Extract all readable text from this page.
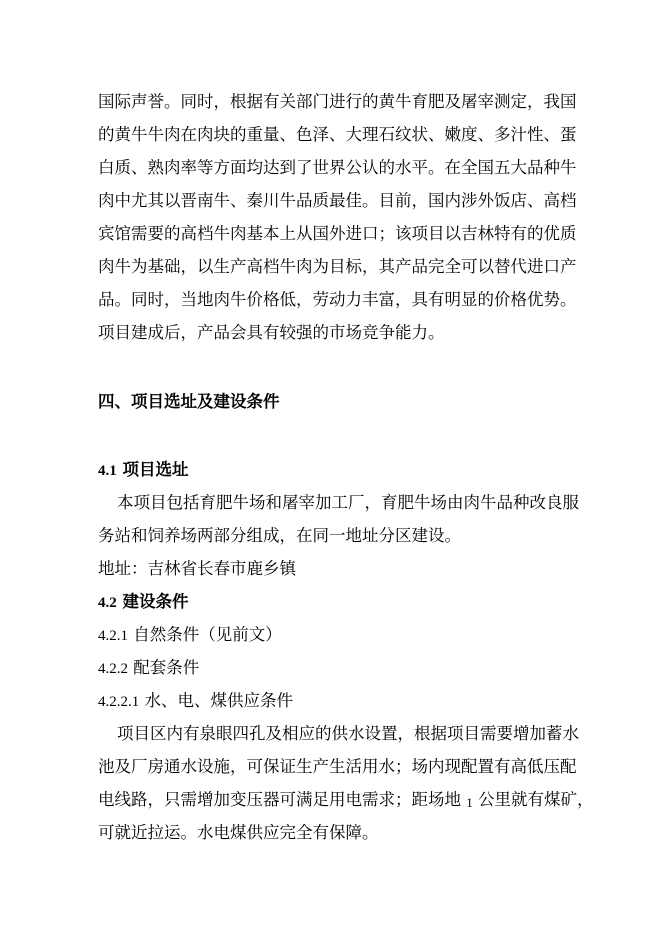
国际声誉。同时，根据有关部门进行的黄牛育肥及屠宰测定，我国
的黄牛牛肉在肉块的重量、色泽、大理石纹状、嫩度、多汁性、蛋
白质、熟肉率等方面均达到了世界公认的水平。在全国五大品种牛
肉中尤其以晋南牛、秦川牛品质最佳。目前，国内涉外饭店、高档
宾馆需要的高档牛肉基本上从国外进口；该项目以吉林特有的优质
肉牛为基础，以生产高档牛肉为目标，其产品完全可以替代进口产
品。同时，当地肉牛价格低，劳动力丰富，具有明显的价格优势。
项目建成后，产品会具有较强的市场竞争能力。
四、项目选址及建设条件
4.1 项目选址
本项目包括育肥牛场和屠宰加工厂，育肥牛场由肉牛品种改良服
务站和饲养场两部分组成，在同一地址分区建设。
地址：吉林省长春市鹿乡镇
4.2 建设条件
4.2.1 自然条件（见前文）
4.2.2 配套条件
4.2.2.1 水、电、煤供应条件
项目区内有泉眼四孔及相应的供水设置，根据项目需要增加蓄水
池及厂房通水设施，可保证生产生活用水；场内现配置有高低压配
电线路，只需增加变压器可满足用电需求；距场地 1 公里就有煤矿，
可就近拉运。水电煤供应完全有保障。
